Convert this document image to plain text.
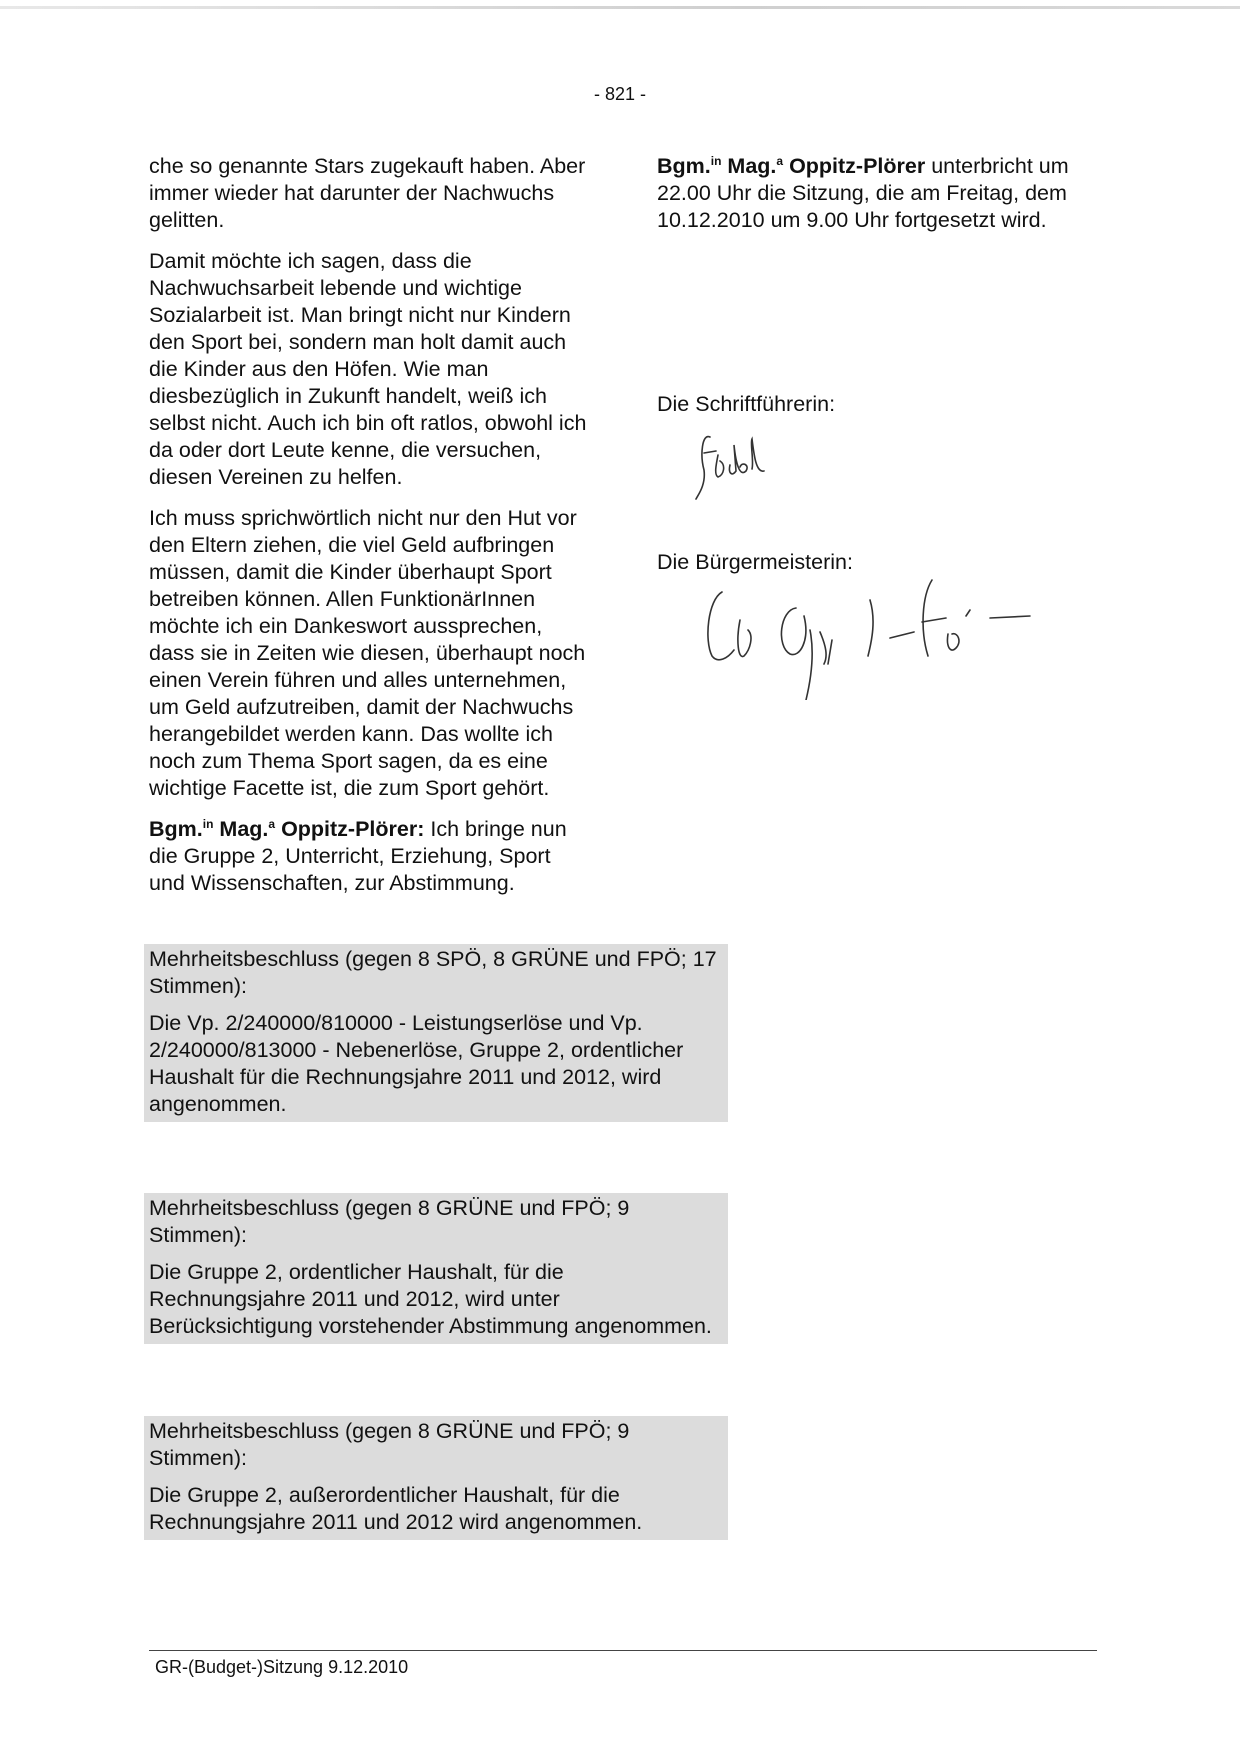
- 821 -

che so genannte Stars zugekauft haben. Aber immer wieder hat darunter der Nachwuchs gelitten.

Damit möchte ich sagen, dass die Nachwuchsarbeit lebende und wichtige Sozialarbeit ist. Man bringt nicht nur Kindern den Sport bei, sondern man holt damit auch die Kinder aus den Höfen. Wie man diesbezüglich in Zukunft handelt, weiß ich selbst nicht. Auch ich bin oft ratlos, obwohl ich da oder dort Leute kenne, die versuchen, diesen Vereinen zu helfen.

Ich muss sprichwörtlich nicht nur den Hut vor den Eltern ziehen, die viel Geld aufbringen müssen, damit die Kinder überhaupt Sport betreiben können. Allen FunktionärInnen möchte ich ein Dankeswort aussprechen, dass sie in Zeiten wie diesen, überhaupt noch einen Verein führen und alles unternehmen, um Geld aufzutreiben, damit der Nachwuchs herangebildet werden kann. Das wollte ich noch zum Thema Sport sagen, da es eine wichtige Facette ist, die zum Sport gehört.

Bgm.$^{in}$ Mag.$^a$ Oppitz-Plörer: Ich bringe nun die Gruppe 2, Unterricht, Erziehung, Sport und Wissenschaften, zur Abstimmung.

Mehrheitsbeschluss (gegen 8 SPÖ, 8 GRÜNE und FPÖ; 17 Stimmen):

Die Vp. 2/240000/810000 - Leistungserlöse und Vp. 2/240000/813000 - Nebenerlöse, Gruppe 2, ordentlicher Haushalt für die Rechnungsjahre 2011 und 2012, wird angenommen.

Mehrheitsbeschluss (gegen 8 GRÜNE und FPÖ; 9 Stimmen):

Die Gruppe 2, ordentlicher Haushalt, für die Rechnungsjahre 2011 und 2012, wird unter Berücksichtigung vorstehender Abstimmung angenommen.

Mehrheitsbeschluss (gegen 8 GRÜNE und FPÖ; 9 Stimmen):

Die Gruppe 2, außerordentlicher Haushalt, für die Rechnungsjahre 2011 und 2012 wird angenommen.

Bgm.$^{in}$ Mag.$^a$ Oppitz-Plörer unterbricht um 22.00 Uhr die Sitzung, die am Freitag, dem 10.12.2010 um 9.00 Uhr fortgesetzt wird.

Die Schriftführerin:
Die Bürgermeisterin:
GR-(Budget-)Sitzung 9.12.2010
